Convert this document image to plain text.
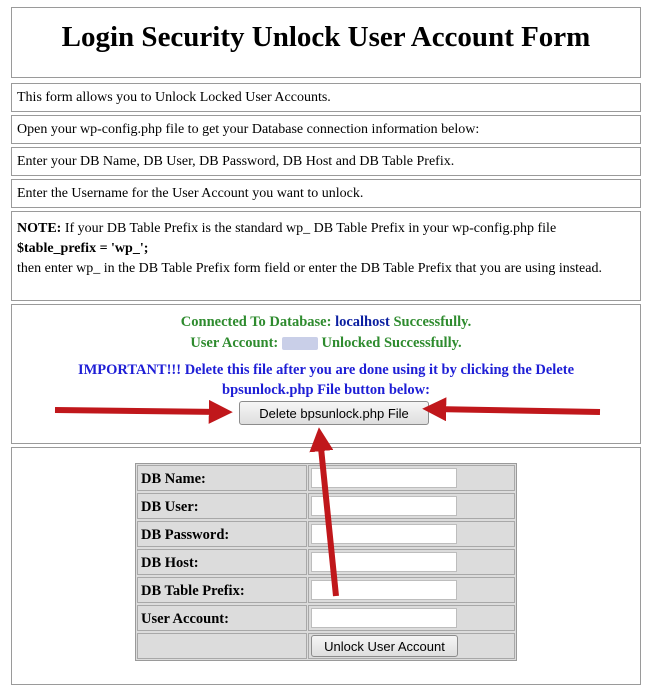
Login Security Unlock User Account Form
This form allows you to Unlock Locked User Accounts.
Open your wp-config.php file to get your Database connection information below:
Enter your DB Name, DB User, DB Password, DB Host and DB Table Prefix.
Enter the Username for the User Account you want to unlock.
NOTE: If your DB Table Prefix is the standard wp_ DB Table Prefix in your wp-config.php file
$table_prefix = 'wp_';
then enter wp_ in the DB Table Prefix form field or enter the DB Table Prefix that you are using instead.
Connected To Database: localhost Successfully.
User Account:  Unlocked Successfully.
IMPORTANT!!! Delete this file after you are done using it by clicking the Delete bpsunlock.php File button below:
Delete bpsunlock.php File
DB Name:
DB User:
DB Password:
DB Host:
DB Table Prefix:
User Account:
Unlock User Account
